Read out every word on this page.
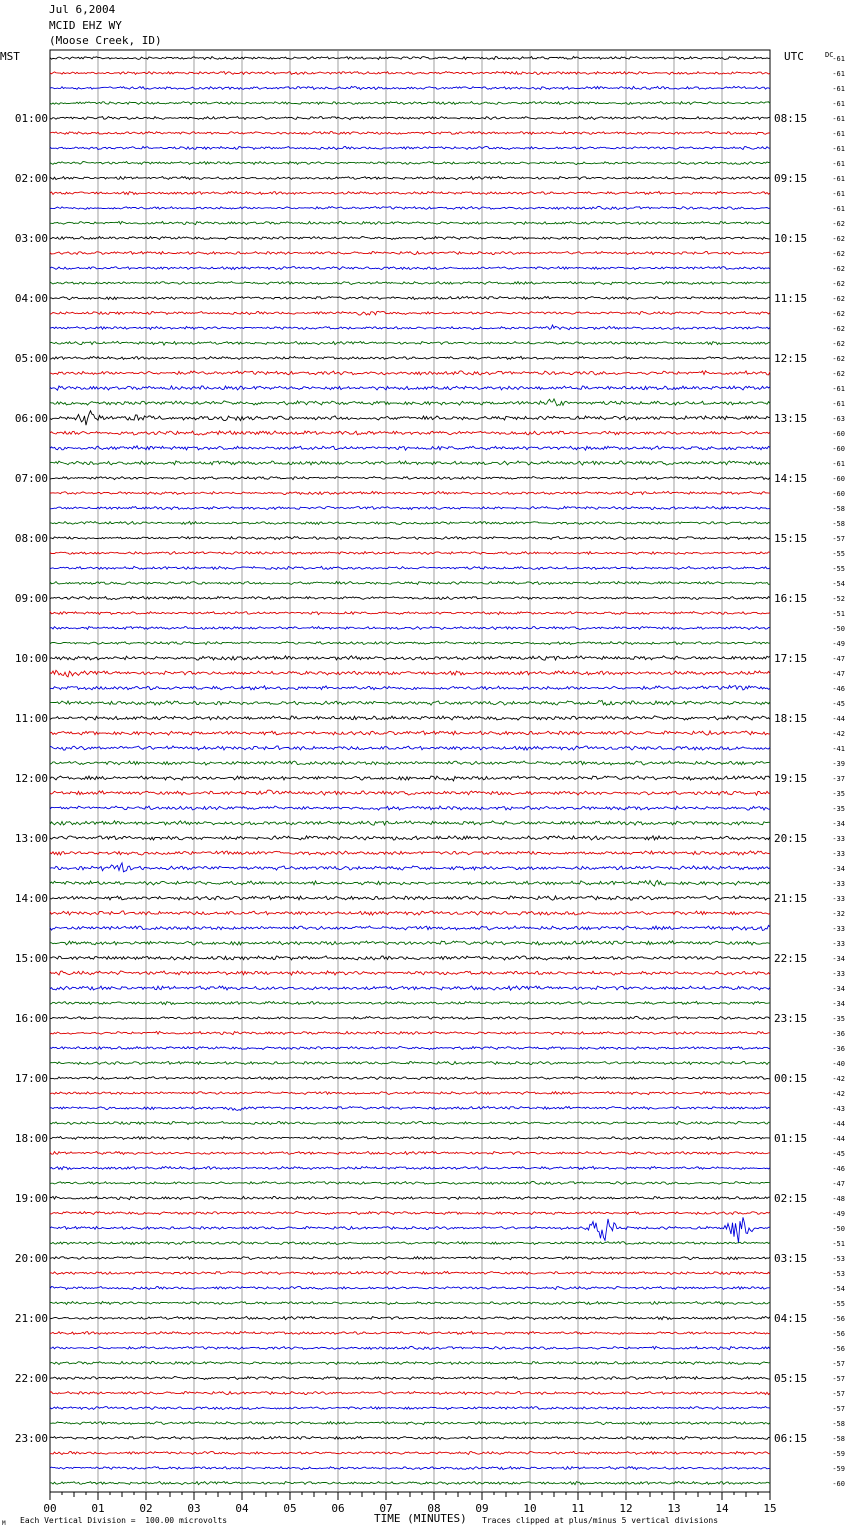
Jul 6,2004
MCID EHZ WY
(Moose Creek, ID)
MST	UTC	DC
-61
-61
-61
-61
-61
-61
-61
-61
-61
-61
-61
-62
-62
-62
-62
-62
-62
-62
-62
-62
-62
-62
-61
-61
-63
-60
-60
-61
-60
-60
-58
-58
-57
-55
-55
-54
-52
-51
-50
-49
-47
-47
-46
-45
-44
-42
-41
-39
-37
-35
-35
-34
-33
-33
-34
-33
-33
-32
-33
-33
-34
-33
-34
-34
-35
-36
-36
-40
-42
-42
-43
-44
-44
-45
-46
-47
-48
-49
-50
-51
-53
-53
-54
-55
-56
-56
-56
-57
-57
-57
-57
-58
-58
-59
-59
-60
01:00
02:00
03:00
04:00
05:00
06:00
07:00
08:00
09:00
10:00
11:00
12:00
13:00
14:00
15:00
16:00
17:00
18:00
19:00
20:00
21:00
22:00
23:00
08:15
09:15
10:15
11:15
12:15
13:15
14:15
15:15
16:15
17:15
18:15
19:15
20:15
21:15
22:15
23:15
00:15
01:15
02:15
03:15
04:15
05:15
06:15
00	01	02	03	04	05	06	07	08	09	10	11	12	13	14	15
Each Vertical Division =  100.00 microvolts	TIME (MINUTES) Traces clipped at plus/minus 5 vertical divisions
M
